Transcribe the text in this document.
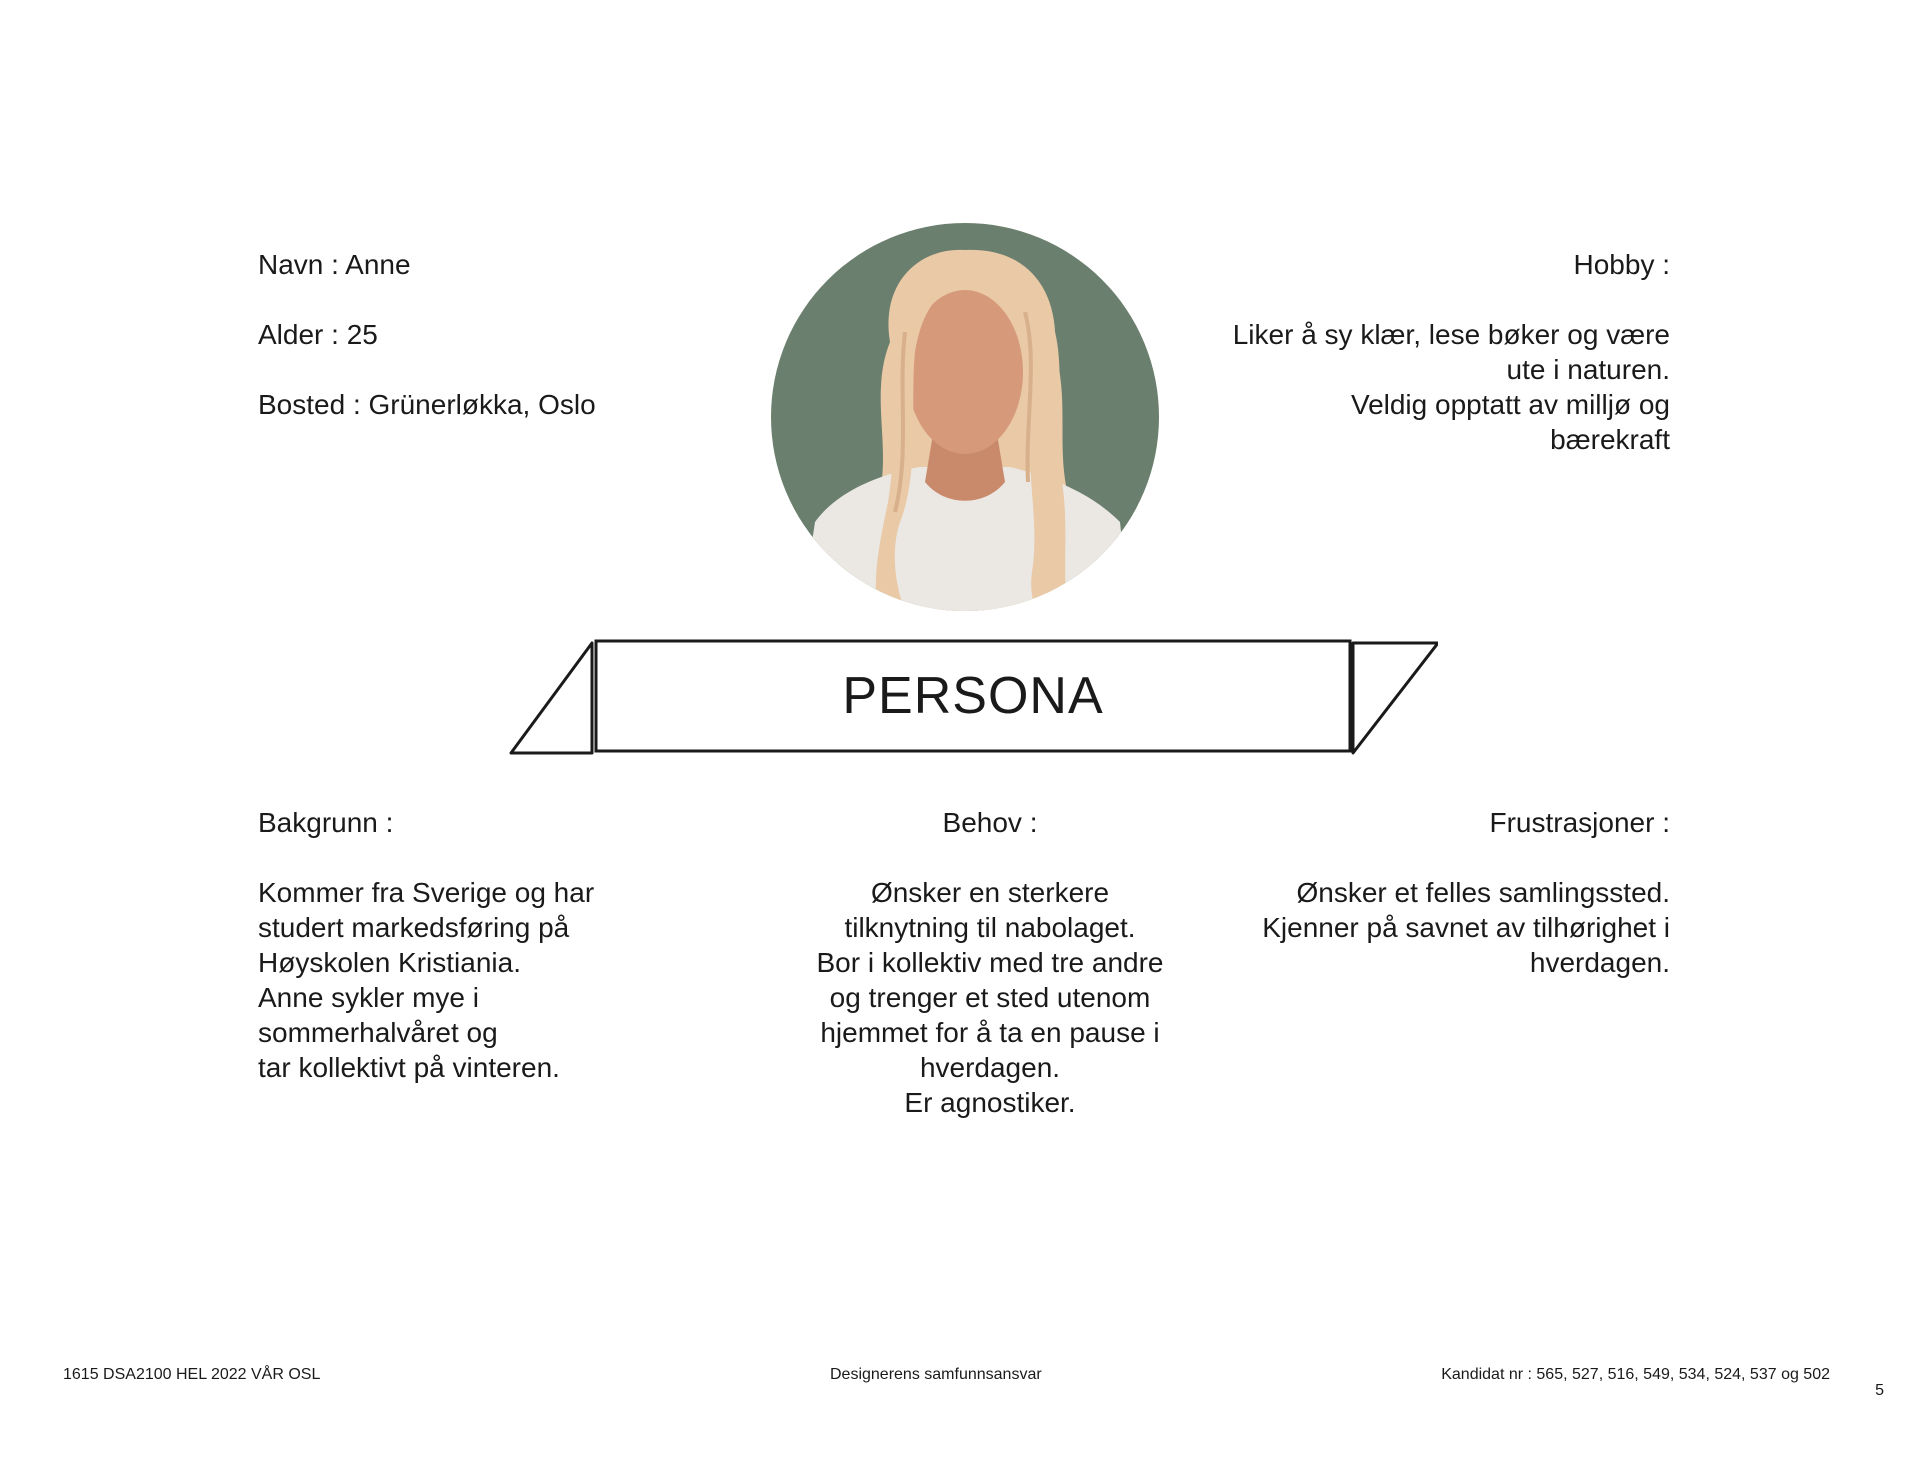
Navn : Anne
Alder : 25
Bosted : Grünerløkka, Oslo
Hobby :
Liker å sy klær, lese bøker og være
ute i naturen.
Veldig opptatt av milljø og
bærekraft
PERSONA
Bakgrunn :
Kommer fra Sverige og har
studert markedsføring på
Høyskolen Kristiania.
Anne sykler mye i
sommerhalvåret og
tar kollektivt på vinteren.
Behov :
Ønsker en sterkere
tilknytning til nabolaget.
Bor i kollektiv med tre andre
og trenger et sted utenom
hjemmet for å ta en pause i
hverdagen.
Er agnostiker.
Frustrasjoner :
Ønsker et felles samlingssted.
Kjenner på savnet av tilhørighet i
hverdagen.

1615 DSA2100 HEL 2022 VÅR OSL	Designerens samfunnsansvar	Kandidat nr : 565, 527, 516, 549, 534, 524, 537 og 502

5
